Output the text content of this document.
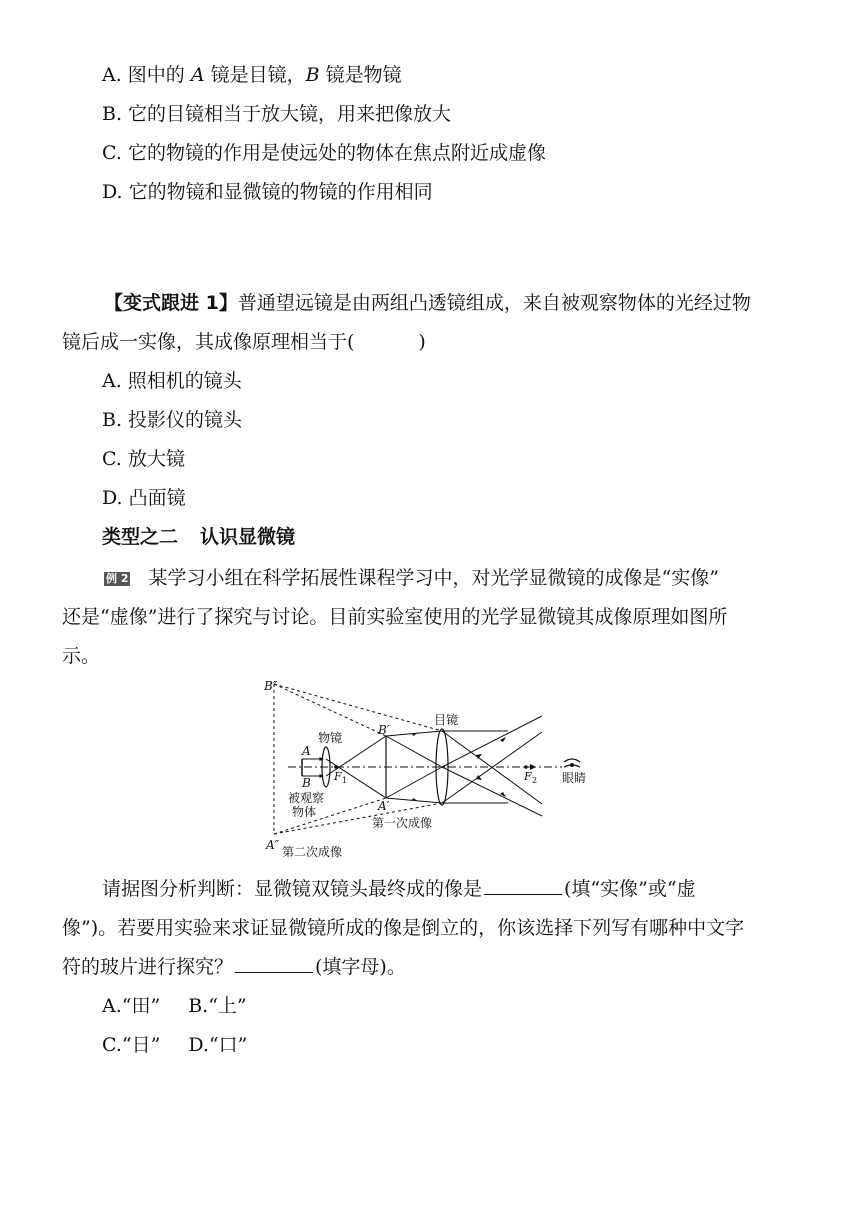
A. 图中的 A 镜是目镜，B 镜是物镜
B. 它的目镜相当于放大镜，用来把像放大
C. 它的物镜的作用是使远处的物体在焦点附近成虚像
D. 它的物镜和显微镜的物镜的作用相同
【变式跟进 1】普通望远镜是由两组凸透镜组成，来自被观察物体的光经过物
镜后成一实像，其成像原理相当于(	)
A. 照相机的镜头
B. 投影仪的镜头
C. 放大镜
D. 凸面镜
类型之二 认识显微镜
例 2 某学习小组在科学拓展性课程学习中，对光学显微镜的成像是“实像”
还是“虚像”进行了探究与讨论。目前实验室使用的光学显微镜其成像原理如图所
示。
B″
目镜
物镜
A
B
B′
F 1	F 2 眼睛
被观察
物体	A′
第一次成像
A″ 第二次成像
请据图分析判断：显微镜双镜头最终成的像是	(填“实像”或“虚
像”)。若要用实验来求证显微镜所成的像是倒立的，你该选择下列写有哪种中文字
符的玻片进行探究？	(填字母)。
A.“田” B.“上”
C.“日” D.“口”
